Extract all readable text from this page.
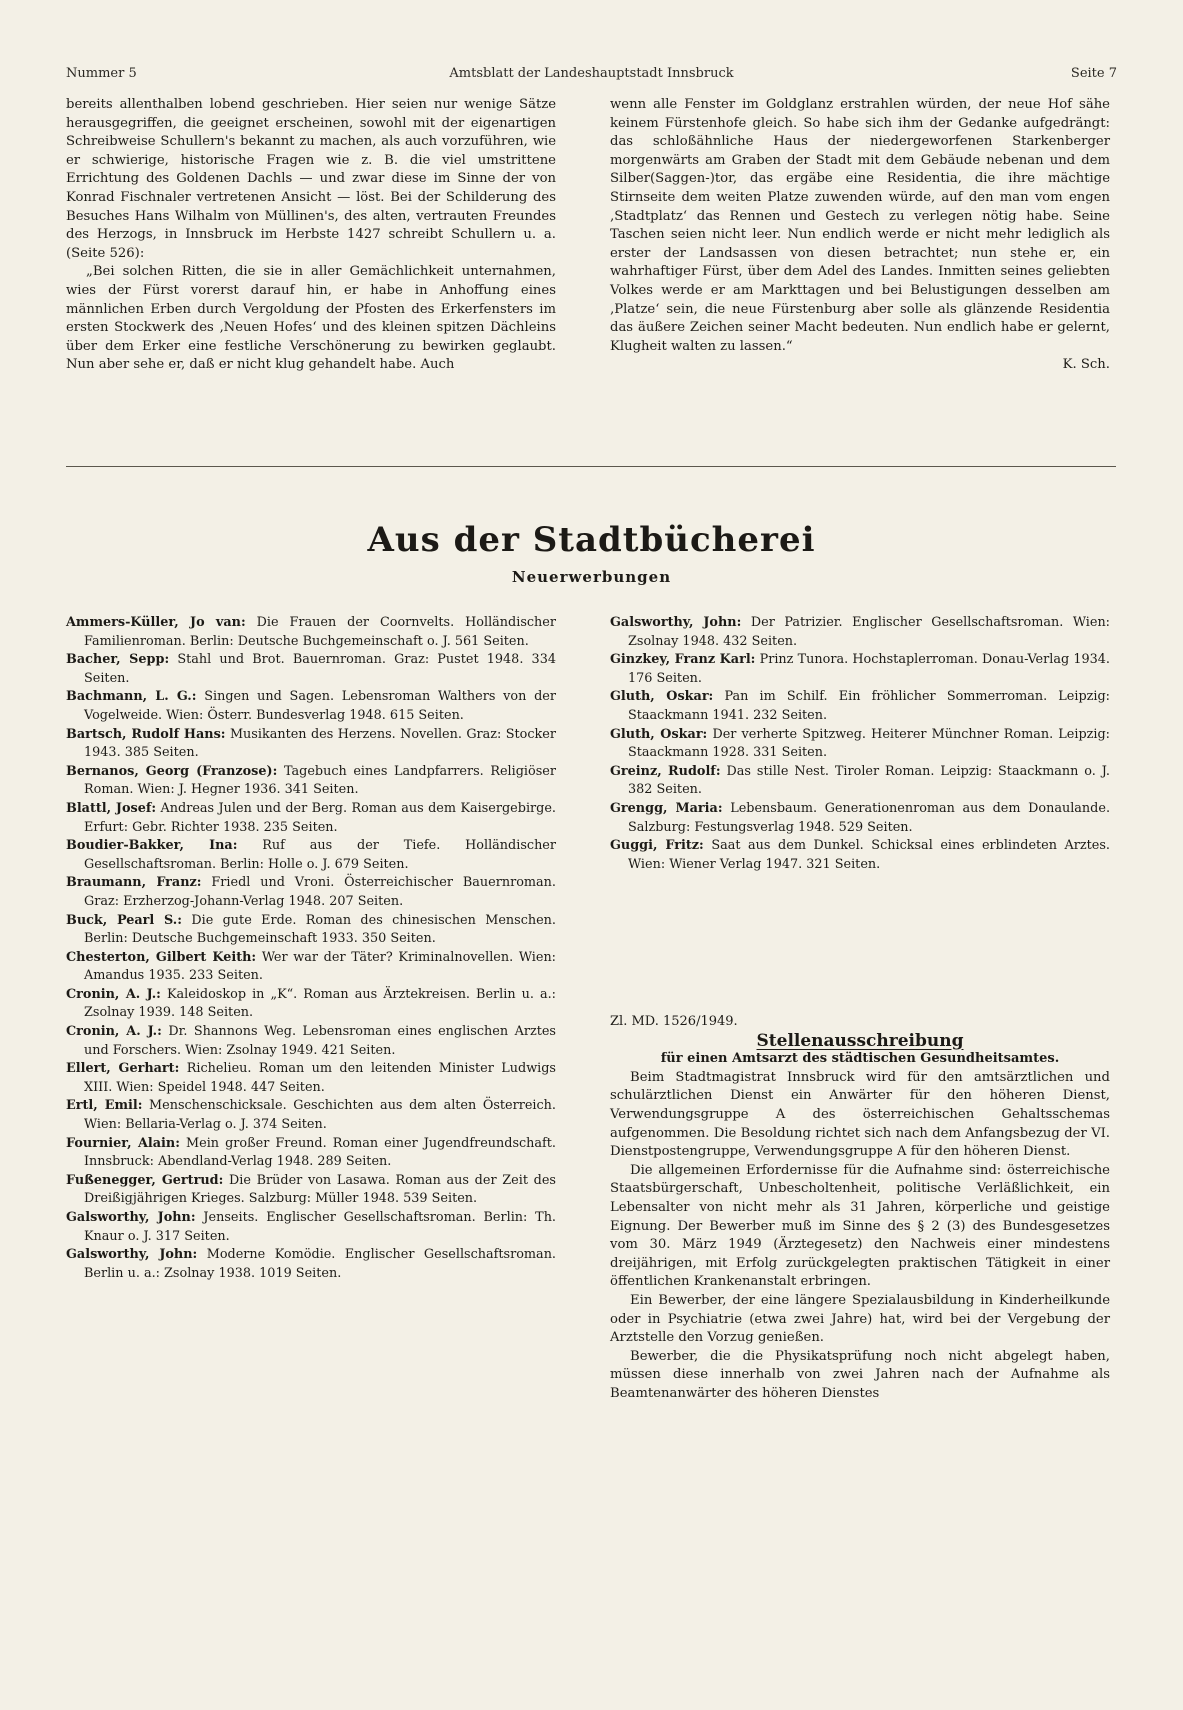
Nummer 5	Amtsblatt der Landeshauptstadt Innsbruck	Seite 7

bereits allenthalben lobend geschrieben. Hier seien nur wenige Sätze herausgegriffen, die geeignet erscheinen, sowohl mit der eigenartigen Schreibweise Schullern's bekannt zu machen, als auch vorzuführen, wie er schwierige, historische Fragen wie z. B. die viel umstrittene Errichtung des Goldenen Dachls — und zwar diese im Sinne der von Konrad Fischnaler vertretenen Ansicht — löst. Bei der Schilderung des Besuches Hans Wilhalm von Müllinen's, des alten, vertrauten Freundes des Herzogs, in Innsbruck im Herbste 1427 schreibt Schullern u. a. (Seite 526):

„Bei solchen Ritten, die sie in aller Gemächlichkeit unternahmen, wies der Fürst vorerst darauf hin, er habe in Anhoffung eines männlichen Erben durch Vergoldung der Pfosten des Erkerfensters im ersten Stockwerk des ‚Neuen Hofes‘ und des kleinen spitzen Dächleins über dem Erker eine festliche Verschönerung zu bewirken geglaubt. Nun aber sehe er, daß er nicht klug gehandelt habe. Auch

wenn alle Fenster im Goldglanz erstrahlen würden, der neue Hof sähe keinem Fürstenhofe gleich. So habe sich ihm der Gedanke aufgedrängt: das schloßähnliche Haus der niedergeworfenen Starkenberger morgenwärts am Graben der Stadt mit dem Gebäude nebenan und dem Silber(Saggen-)tor, das ergäbe eine Residentia, die ihre mächtige Stirnseite dem weiten Platze zuwenden würde, auf den man vom engen ‚Stadtplatz‘ das Rennen und Gestech zu verlegen nötig habe. Seine Taschen seien nicht leer. Nun endlich werde er nicht mehr lediglich als erster der Landsassen von diesen betrachtet; nun stehe er, ein wahrhaftiger Fürst, über dem Adel des Landes. Inmitten seines geliebten Volkes werde er am Markttagen und bei Belustigungen desselben am ‚Platze‘ sein, die neue Fürstenburg aber solle als glänzende Residentia das äußere Zeichen seiner Macht bedeuten. Nun endlich habe er gelernt, Klugheit walten zu lassen.“

K. Sch.

Aus der Stadtbücherei
Neuerwerbungen

Ammers-Küller, Jo van: Die Frauen der Coornvelts. Holländischer Familienroman. Berlin: Deutsche Buchgemeinschaft o. J. 561 Seiten.

Bacher, Sepp: Stahl und Brot. Bauernroman. Graz: Pustet 1948. 334 Seiten.

Bachmann, L. G.: Singen und Sagen. Lebensroman Walthers von der Vogelweide. Wien: Österr. Bundesverlag 1948. 615 Seiten.

Bartsch, Rudolf Hans: Musikanten des Herzens. Novellen. Graz: Stocker 1943. 385 Seiten.

Bernanos, Georg (Franzose): Tagebuch eines Landpfarrers. Religiöser Roman. Wien: J. Hegner 1936. 341 Seiten.

Blattl, Josef: Andreas Julen und der Berg. Roman aus dem Kaisergebirge. Erfurt: Gebr. Richter 1938. 235 Seiten.

Boudier-Bakker, Ina: Ruf aus der Tiefe. Holländischer Gesellschaftsroman. Berlin: Holle o. J. 679 Seiten.

Braumann, Franz: Friedl und Vroni. Österreichischer Bauernroman. Graz: Erzherzog-Johann-Verlag 1948. 207 Seiten.

Buck, Pearl S.: Die gute Erde. Roman des chinesischen Menschen. Berlin: Deutsche Buchgemeinschaft 1933. 350 Seiten.

Chesterton, Gilbert Keith: Wer war der Täter? Kriminalnovellen. Wien: Amandus 1935. 233 Seiten.

Cronin, A. J.: Kaleidoskop in „K“. Roman aus Ärztekreisen. Berlin u. a.: Zsolnay 1939. 148 Seiten.

Cronin, A. J.: Dr. Shannons Weg. Lebensroman eines englischen Arztes und Forschers. Wien: Zsolnay 1949. 421 Seiten.

Ellert, Gerhart: Richelieu. Roman um den leitenden Minister Ludwigs XIII. Wien: Speidel 1948. 447 Seiten.

Ertl, Emil: Menschenschicksale. Geschichten aus dem alten Österreich. Wien: Bellaria-Verlag o. J. 374 Seiten.

Fournier, Alain: Mein großer Freund. Roman einer Jugendfreundschaft. Innsbruck: Abendland-Verlag 1948. 289 Seiten.

Fußenegger, Gertrud: Die Brüder von Lasawa. Roman aus der Zeit des Dreißigjährigen Krieges. Salzburg: Müller 1948. 539 Seiten.

Galsworthy, John: Jenseits. Englischer Gesellschaftsroman. Berlin: Th. Knaur o. J. 317 Seiten.

Galsworthy, John: Moderne Komödie. Englischer Gesellschaftsroman. Berlin u. a.: Zsolnay 1938. 1019 Seiten.

Galsworthy, John: Der Patrizier. Englischer Gesellschaftsroman. Wien: Zsolnay 1948. 432 Seiten.

Ginzkey, Franz Karl: Prinz Tunora. Hochstaplerroman. Donau-Verlag 1934. 176 Seiten.

Gluth, Oskar: Pan im Schilf. Ein fröhlicher Sommerroman. Leipzig: Staackmann 1941. 232 Seiten.

Gluth, Oskar: Der verherte Spitzweg. Heiterer Münchner Roman. Leipzig: Staackmann 1928. 331 Seiten.

Greinz, Rudolf: Das stille Nest. Tiroler Roman. Leipzig: Staackmann o. J. 382 Seiten.

Grengg, Maria: Lebensbaum. Generationenroman aus dem Donaulande. Salzburg: Festungsverlag 1948. 529 Seiten.

Guggi, Fritz: Saat aus dem Dunkel. Schicksal eines erblindeten Arztes. Wien: Wiener Verlag 1947. 321 Seiten.

Zl. MD. 1526/1949.

Stellenausschreibung

für einen Amtsarzt des städtischen Gesundheitsamtes.

Beim Stadtmagistrat Innsbruck wird für den amtsärztlichen und schulärztlichen Dienst ein Anwärter für den höheren Dienst, Verwendungsgruppe A des österreichischen Gehaltsschemas aufgenommen. Die Besoldung richtet sich nach dem Anfangsbezug der VI. Dienstpostengruppe, Verwendungsgruppe A für den höheren Dienst.

Die allgemeinen Erfordernisse für die Aufnahme sind: österreichische Staatsbürgerschaft, Unbescholtenheit, politische Verläßlichkeit, ein Lebensalter von nicht mehr als 31 Jahren, körperliche und geistige Eignung. Der Bewerber muß im Sinne des § 2 (3) des Bundesgesetzes vom 30. März 1949 (Ärztegesetz) den Nachweis einer mindestens dreijährigen, mit Erfolg zurückgelegten praktischen Tätigkeit in einer öffentlichen Krankenanstalt erbringen.

Ein Bewerber, der eine längere Spezialausbildung in Kinderheilkunde oder in Psychiatrie (etwa zwei Jahre) hat, wird bei der Vergebung der Arztstelle den Vorzug genießen.

Bewerber, die die Physikatsprüfung noch nicht abgelegt haben, müssen diese innerhalb von zwei Jahren nach der Aufnahme als Beamtenanwärter des höheren Dienstes
